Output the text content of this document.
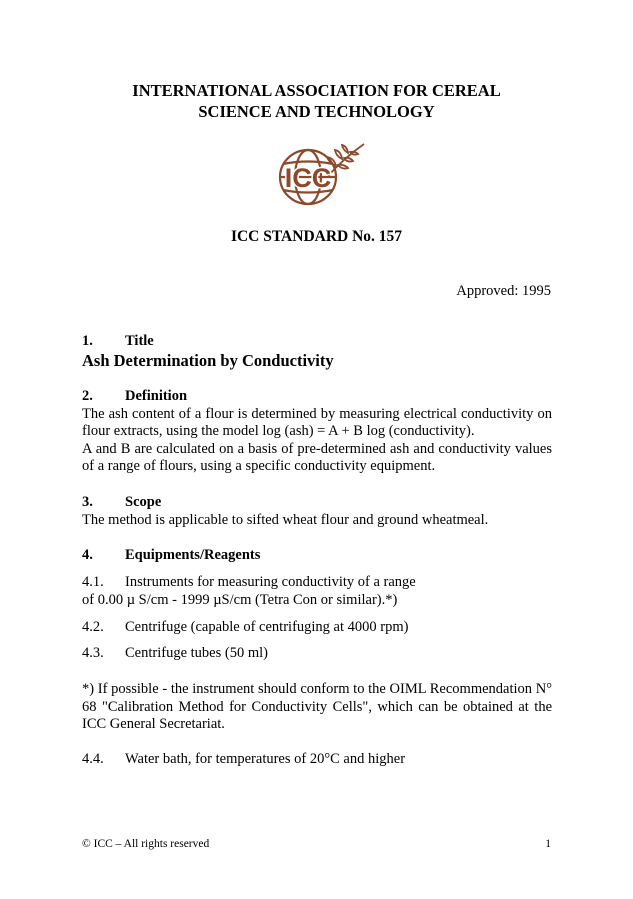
INTERNATIONAL ASSOCIATION FOR CEREAL
SCIENCE AND TECHNOLOGY
ICC
ICC STANDARD No. 157
Approved: 1995
1. Title
Ash Determination by Conductivity
2. Definition
The ash content of a flour is determined by measuring electrical conductivity on flour extracts, using the model log (ash) = A + B log (conductivity).
A and B are calculated on a basis of pre-determined ash and conductivity values of a range of flours, using a specific conductivity equipment.
3. Scope
The method is applicable to sifted wheat flour and ground wheatmeal.
4. Equipments/Reagents
4.1. Instruments for measuring conductivity of a range
of 0.00 µ S/cm - 1999 µS/cm (Tetra Con or similar).*)
4.2. Centrifuge (capable of centrifuging at 4000 rpm)
4.3. Centrifuge tubes (50 ml)
*) If possible - the instrument should conform to the OIML Recommendation N° 68 "Calibration Method for Conductivity Cells", which can be obtained at the ICC General Secretariat.
4.4. Water bath, for temperatures of 20°C and higher
© ICC – All rights reserved	1
